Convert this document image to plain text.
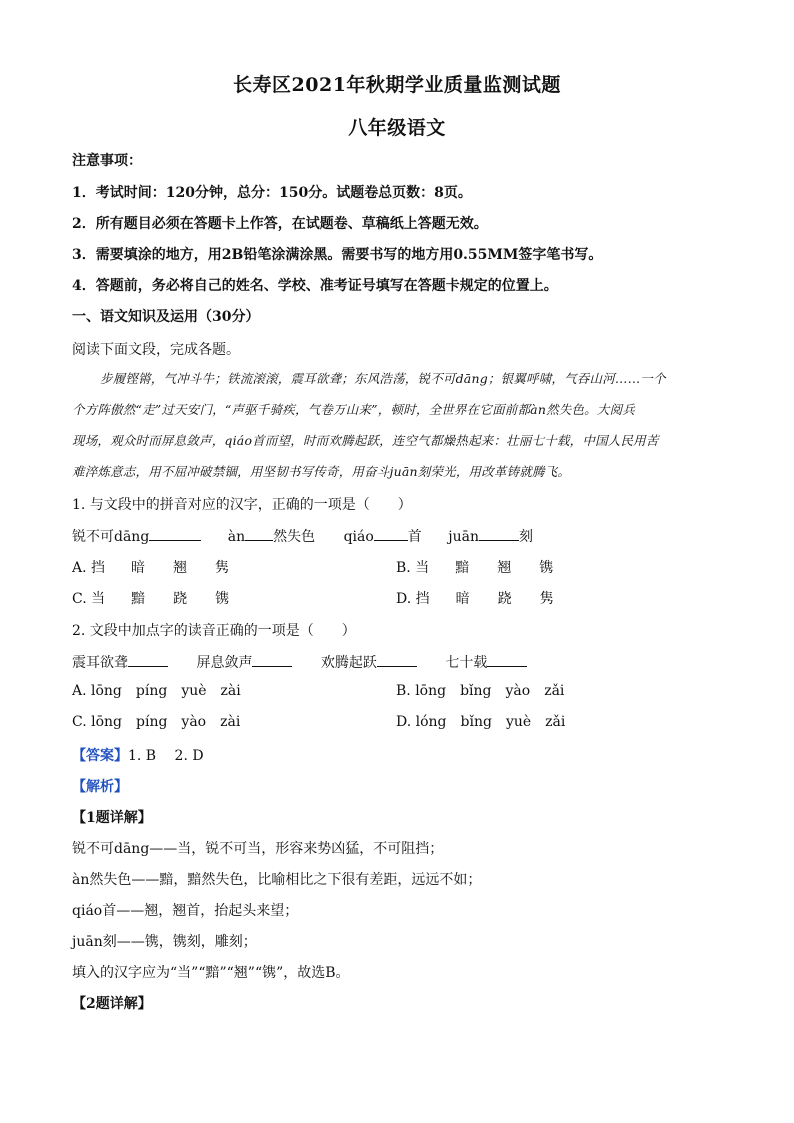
长寿区2021年秋期学业质量监测试题
八年级语文
注意事项：
1．考试时间：120分钟，总分：150分。试题卷总页数：8页。
2．所有题目必须在答题卡上作答，在试题卷、草稿纸上答题无效。
3．需要填涂的地方，用2B铅笔涂满涂黑。需要书写的地方用0.55MM签字笔书写。
4．答题前，务必将自己的姓名、学校、准考证号填写在答题卡规定的位置上。
一、语文知识及运用（30分）
阅读下面文段，完成各题。

步履铿锵，气冲斗牛；铁流滚滚，震耳欲聋；东风浩荡，锐不可dāng；银翼呼啸，气吞山河……一个

个方阵傲然“走”过天安门，“声驱千骑疾，气卷万山来”，顿时，全世界在它面前都àn然失色。大阅兵

现场，观众时而屏息敛声，qiáo首而望，时而欢腾起跃，连空气都燥热起来：壮丽七十载，中国人民用苦

难淬炼意志，用不屈冲破禁锢，用坚韧书写传奇，用奋斗juān刻荣光，用改革铸就腾飞。

1. 与文段中的拼音对应的汉字，正确的一项是（　　）
锐不可dāng	àn 然失色 qiáo 首 juān	刻
A. 挡 暗 翘 隽	B. 当 黯 翘 镌
C. 当 黯 跷 镌	D. 挡 暗 跷 隽
2. 文段中加点字的读音正确的一项是（　　）
震耳欲聋	屏息敛声	欢腾起跃	七十载
A. lōng píng yuè zài	B. lōng bǐng yào zǎi
C. lōng píng yào zài	D. lóng bǐng yuè zǎi
【答案】1. B　 2. D
【解析】
【1题详解】
锐不可dāng——当，锐不可当，形容来势凶猛，不可阻挡；
àn然失色——黯，黯然失色，比喻相比之下很有差距，远远不如；
qiáo首——翘，翘首，抬起头来望；
juān刻——镌，镌刻，雕刻；
填入的汉字应为“当”“黯”“翘”“镌”，故选B。
【2题详解】
